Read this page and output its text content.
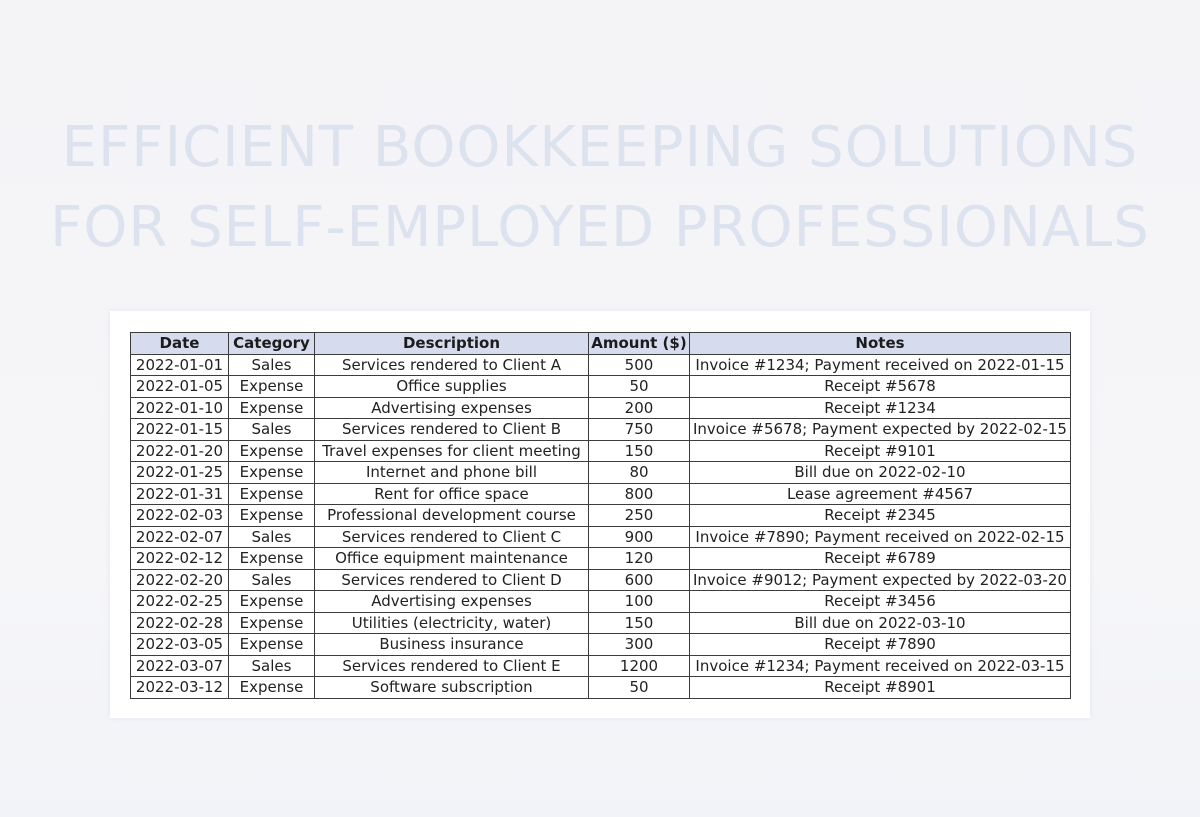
EFFICIENT BOOKKEEPING SOLUTIONS
FOR SELF-EMPLOYED PROFESSIONALS
Date	Category	Description	Amount ($)	Notes
2022-01-01	Sales	Services rendered to Client A	500	Invoice #1234; Payment received on 2022-01-15
2022-01-05	Expense	Office supplies	50	Receipt #5678
2022-01-10	Expense	Advertising expenses	200	Receipt #1234
2022-01-15	Sales	Services rendered to Client B	750	Invoice #5678; Payment expected by 2022-02-15
2022-01-20	Expense	Travel expenses for client meeting	150	Receipt #9101
2022-01-25	Expense	Internet and phone bill	80	Bill due on 2022-02-10
2022-01-31	Expense	Rent for office space	800	Lease agreement #4567
2022-02-03	Expense	Professional development course	250	Receipt #2345
2022-02-07	Sales	Services rendered to Client C	900	Invoice #7890; Payment received on 2022-02-15
2022-02-12	Expense	Office equipment maintenance	120	Receipt #6789
2022-02-20	Sales	Services rendered to Client D	600	Invoice #9012; Payment expected by 2022-03-20
2022-02-25	Expense	Advertising expenses	100	Receipt #3456
2022-02-28	Expense	Utilities (electricity, water)	150	Bill due on 2022-03-10
2022-03-05	Expense	Business insurance	300	Receipt #7890
2022-03-07	Sales	Services rendered to Client E	1200	Invoice #1234; Payment received on 2022-03-15
2022-03-12	Expense	Software subscription	50	Receipt #8901
